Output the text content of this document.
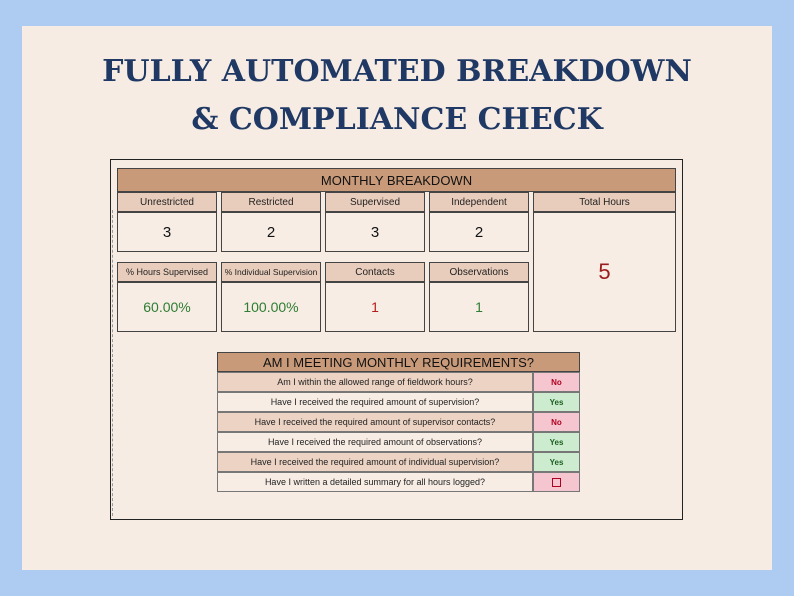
FULLY AUTOMATED BREAKDOWN
& COMPLIANCE CHECK
MONTHLY BREAKDOWN
Unrestricted	Restricted	Supervised	Independent	Total Hours
3	2	3	2
5
% Hours Supervised	% Individual Supervision	Contacts	Observations
60.00%	100.00%	1	1
AM I MEETING MONTHLY REQUIREMENTS?
Am I within the allowed range of fieldwork hours?	No
Have I received the required amount of supervision?	Yes
Have I received the required amount of supervisor contacts?	No
Have I received the required amount of observations?	Yes
Have I received the required amount of individual supervision?	Yes
Have I written a detailed summary for all hours logged?
